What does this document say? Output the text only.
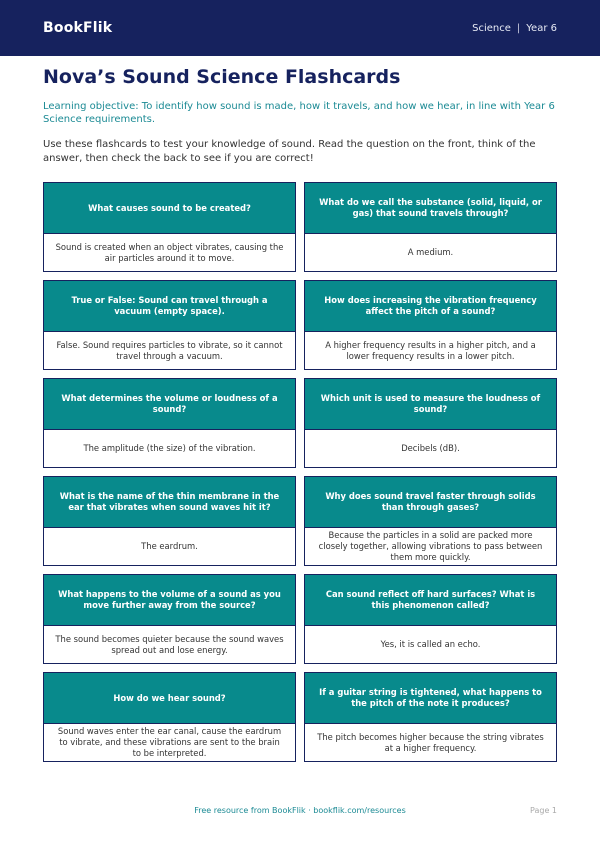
BookFlik	Science | Year 6
Nova’s Sound Science Flashcards

Learning objective: To identify how sound is made, how it travels, and how we hear, in line with Year 6 Science requirements.

Use these flashcards to test your knowledge of sound. Read the question on the front, think of the answer, then check the back to see if you are correct!

What causes sound to be created?
Sound is created when an object vibrates, causing the air particles around it to move.
What do we call the substance (solid, liquid, or gas) that sound travels through?
A medium.
True or False: Sound can travel through a vacuum (empty space).
False. Sound requires particles to vibrate, so it cannot travel through a vacuum.
How does increasing the vibration frequency affect the pitch of a sound?
A higher frequency results in a higher pitch, and a lower frequency results in a lower pitch.
What determines the volume or loudness of a sound?
The amplitude (the size) of the vibration.
Which unit is used to measure the loudness of sound?
Decibels (dB).
What is the name of the thin membrane in the ear that vibrates when sound waves hit it?
The eardrum.
Why does sound travel faster through solids than through gases?
Because the particles in a solid are packed more closely together, allowing vibrations to pass between them more quickly.
What happens to the volume of a sound as you move further away from the source?
The sound becomes quieter because the sound waves spread out and lose energy.
Can sound reflect off hard surfaces? What is this phenomenon called?
Yes, it is called an echo.
How do we hear sound?
Sound waves enter the ear canal, cause the eardrum to vibrate, and these vibrations are sent to the brain to be interpreted.
If a guitar string is tightened, what happens to the pitch of the note it produces?
The pitch becomes higher because the string vibrates at a higher frequency.
Free resource from BookFlik · bookflik.com/resources	Page 1
